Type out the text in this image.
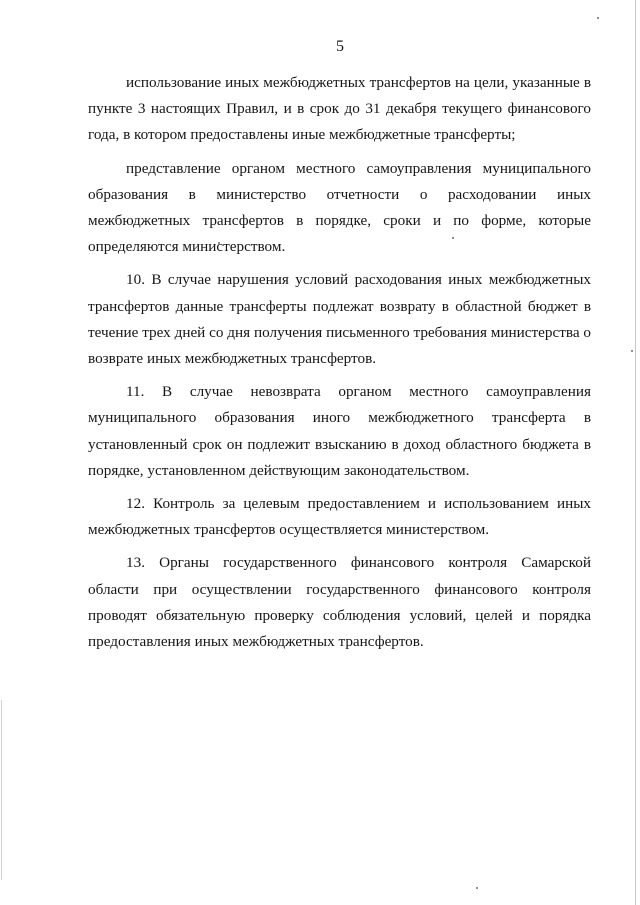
5

использование иных межбюджетных трансфертов на цели, указанные в пункте 3 настоящих Правил, и в срок до 31 декабря текущего финансового года, в котором предоставлены иные межбюджетные трансферты;

представление органом местного самоуправления муниципального образования в министерство отчетности о расходовании иных межбюджетных трансфертов в порядке, сроки и по форме, которые определяются министерством.

10. В случае нарушения условий расходования иных межбюджетных трансфертов данные трансферты подлежат возврату в областной бюджет в течение трех дней со дня получения письменного требования министерства о возврате иных межбюджетных трансфертов.

11. В случае невозврата органом местного самоуправления муниципального образования иного межбюджетного трансферта в установленный срок он подлежит взысканию в доход областного бюджета в порядке, установленном действующим законодательством.

12. Контроль за целевым предоставлением и использованием иных межбюджетных трансфертов осуществляется министерством.

13. Органы государственного финансового контроля Самарской области при осуществлении государственного финансового контроля проводят обязательную проверку соблюдения условий, целей и порядка предоставления иных межбюджетных трансфертов.
